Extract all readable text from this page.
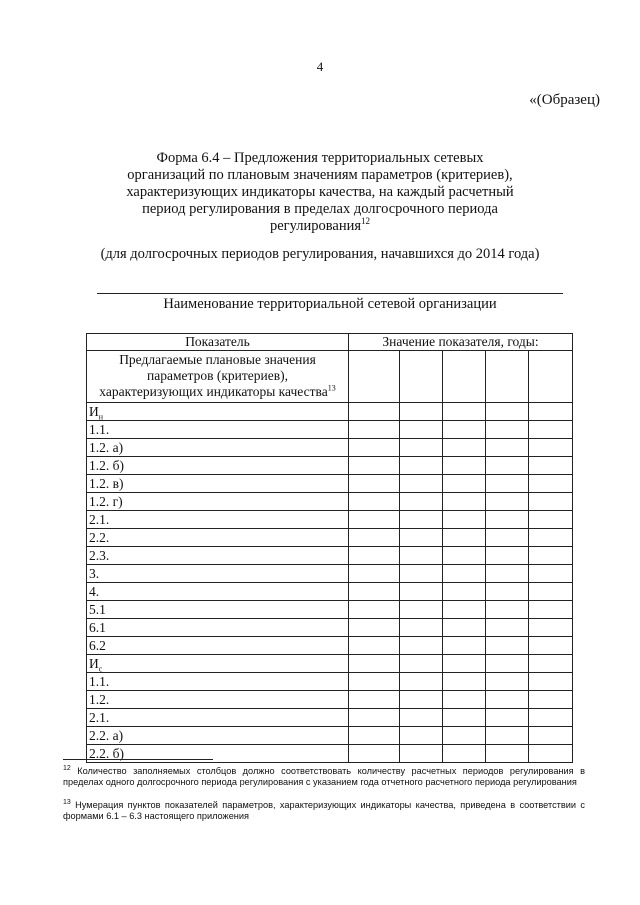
4
«(Образец)
Форма 6.4 – Предложения территориальных сетевых
организаций по плановым значениям параметров (критериев),
характеризующих индикаторы качества, на каждый расчетный
период регулирования в пределах долгосрочного периода
регулирования$^{12}$
(для долгосрочных периодов регулирования, начавшихся до 2014 года)
Наименование территориальной сетевой организации
Показатель	Значение показателя, годы:				

Предлагаемые плановые значения
параметров (критериев),
характеризующих индикаторы качества$^{13}$

$И_н$					
1.1.					
1.2. а)					
1.2. б)					
1.2. в)					
1.2. г)					
2.1.					
2.2.					
2.3.					
3.					
4.					
5.1					
6.1					
6.2					
$И_с$					
1.1.					
1.2.					
2.1.					
2.2. а)					
2.2. б)					
$^{12}$ Количество заполняемых столбцов должно соответствовать количеству расчетных периодов регулирования в пределах одного долгосрочного периода регулирования с указанием года отчетного расчетного периода регулирования
$^{13}$ Нумерация пунктов показателей параметров, характеризующих индикаторы качества, приведена в соответствии с формами 6.1 – 6.3 настоящего приложения
